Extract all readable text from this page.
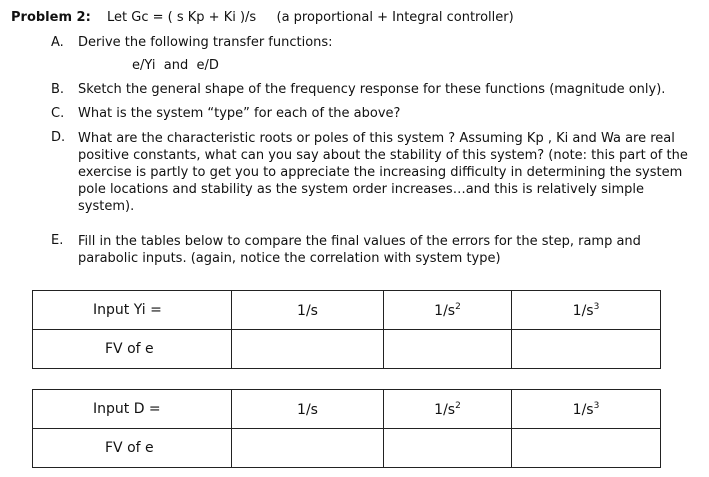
Problem 2: Let Gc = ( s Kp + Ki )/s (a proportional + Integral controller)
A. Derive the following transfer functions:
e/Yi  and  e/D
B. Sketch the general shape of the frequency response for these functions (magnitude only).
C. What is the system “type” for each of the above?
D. What are the characteristic roots or poles of this system ? Assuming Kp , Ki and Wa are real
positive constants, what can you say about the stability of this system? (note: this part of the
exercise is partly to get you to appreciate the increasing difficulty in determining the system
pole locations and stability as the system order increases…and this is relatively simple
system).
E. Fill in the tables below to compare the final values of the errors for the step, ramp and
parabolic inputs. (again, notice the correlation with system type)
Input Yi =	1/s	$1/s^2$	$1/s^3$
FV of e			
Input D =	1/s	$1/s^2$	$1/s^3$
FV of e			
